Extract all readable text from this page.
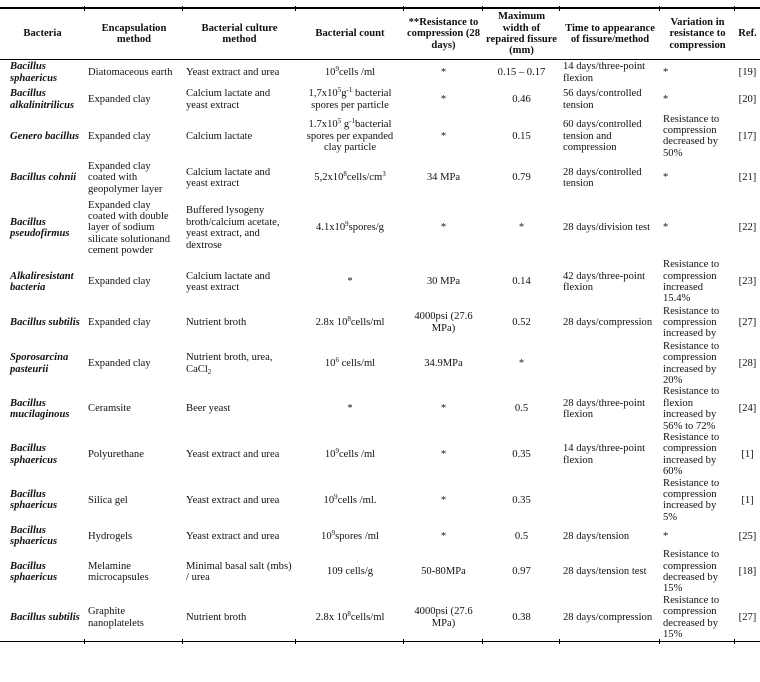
Bacteria	Encapsulation method	Bacterial culture method	Bacterial count	**Resistance to compression (28 days)	Maximum width of repaired fissure (mm)	Time to appearance of fissure/method	Variation in resistance to compression	Ref.
Bacillus sphaericus	Diatomaceous earth	Yeast extract and urea	$10^9cells$ /ml	*	0.15 – 0.17	14 days/three-point flexion	*	[19]
Bacillus alkalinitrilicus	Expanded clay	Calcium lactate and yeast extract	$1,7x10^5g^{-1}$ bacterial spores per particle	*	0.46	56 days/controlled tension	*	[20]
Genero bacillus	Expanded clay	Calcium lactate	$1.7x10^5$ $g^{-1}bacterial$ spores per expanded clay particle	*	0.15	60 days/controlled tension and compression	Resistance to compression decreased by 50%	[17]
Bacillus cohnii	Expanded clay coated with geopolymer layer	Calcium lactate and yeast extract	$5,2x10^8cells/cm^3$	34 MPa	0.79	28 days/controlled tension	*	[21]
Bacillus pseudofirmus	Expanded clay coated with double layer of sodium silicate solutionand cement powder	Buffered lysogeny broth/calcium acetate, yeast extract, and dextrose	$4.1x10^9spores/g$	*	*	28 days/division test	*	[22]
Alkaliresistant bacteria	Expanded clay	Calcium lactate and yeast extract	*	30 MPa	0.14	42 days/three-point flexion	Resistance to compression increased 15.4%	[23]
Bacillus subtilis	Expanded clay	Nutrient broth	2.8x $10^8cells/ml$	4000psi (27.6 MPa)	0.52	28 days/compression	Resistance to compression increased by	[27]
Sporosarcina pasteurii	Expanded clay	Nutrient broth, urea, CaCl$_2$	$10^6$ cells/ml	34.9MPa	*		Resistance to compression increased by 20%	[28]
Bacillus mucilaginous	Ceramsite	Beer yeast	*	*	0.5	28 days/three-point flexion	Resistance to flexion increased by 56% to 72%	[24]
Bacillus sphaericus	Polyurethane	Yeast extract and urea	$10^9cells$ /ml	*	0.35	14 days/three-point flexion	Resistance to compression increased by 60%	[1]
Bacillus sphaericus	Silica gel	Yeast extract and urea	$10^9cells$ /ml.	*	0.35		Resistance to compression increased by 5%	[1]
Bacillus sphaericus	Hydrogels	Yeast extract and urea	$10^9spores$ /ml	*	0.5	28 days/tension	*	[25]
Bacillus sphaericus	Melamine microcapsules	Minimal basal salt (mbs) / urea	109 cells/g	50-80MPa	0.97	28 days/tension test	Resistance to compression decreased by 15%	[18]
Bacillus subtilis	Graphite nanoplatelets	Nutrient broth	2.8x $10^8cells/ml$	4000psi (27.6 MPa)	0.38	28 days/compression	Resistance to compression decreased by 15%	[27]
